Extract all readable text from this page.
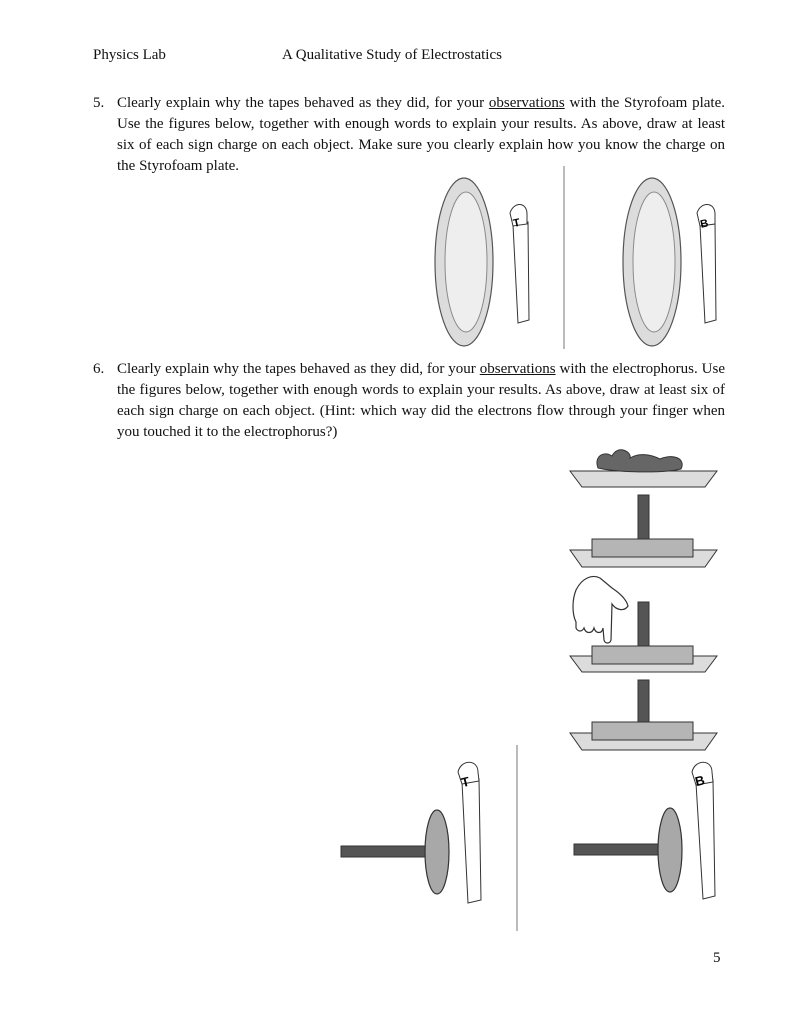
Physics Lab	A Qualitative Study of Electrostatics
5. Clearly explain why the tapes behaved as they did, for your observations with the Styrofoam plate. Use the figures below, together with enough words to explain your results. As above, draw at least six of each sign charge on each object. Make sure you clearly explain how you know the charge on the Styrofoam plate.
6. Clearly explain why the tapes behaved as they did, for your observations with the electrophorus. Use the figures below, together with enough words to explain your results. As above, draw at least six of each sign charge on each object. (Hint: which way did the electrons flow through your finger when you touched it to the electrophorus?)
T	B
T	B
5
